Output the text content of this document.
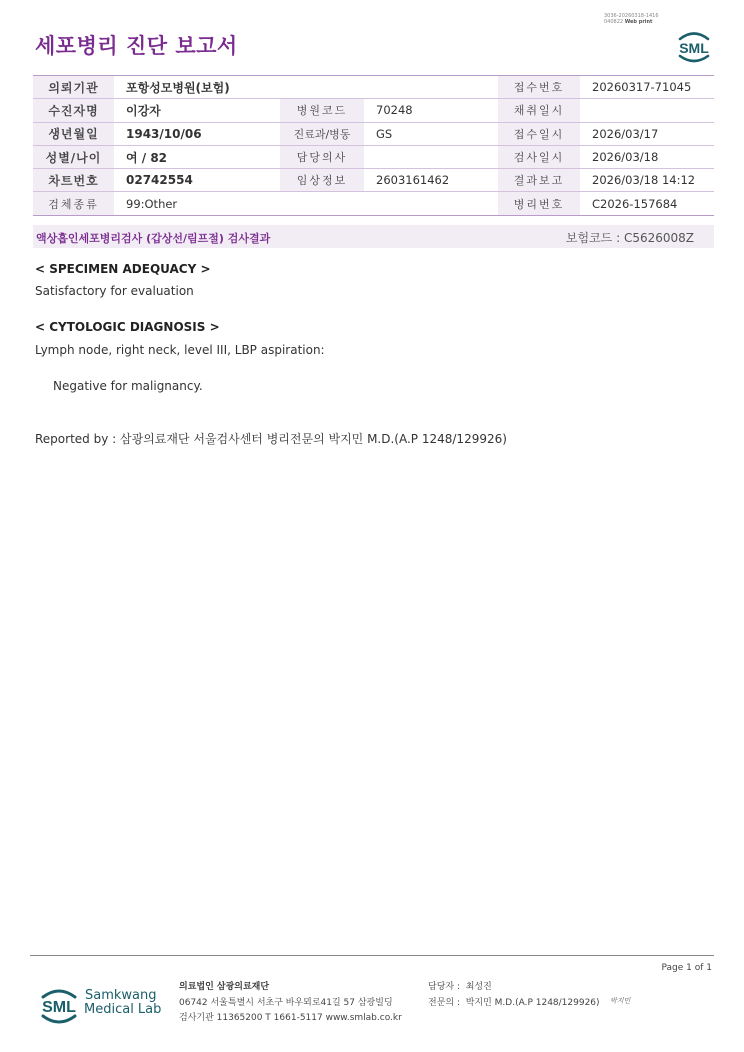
3036-20260318-1416
040822 Web print
세포병리 진단 보고서	SML
의뢰기관	포항성모병원(보험)			접수번호	20260317-71045
수진자명	이강자	병원코드	70248	채취일시	
생년월일	1943/10/06	진료과/병동	GS	접수일시	2026/03/17
성별/나이	여 / 82	담당의사		검사일시	2026/03/18
차트번호	02742554	임상정보	2603161462	결과보고	2026/03/18 14:12
검체종류	99:Other			병리번호	C2026-157684
액상흡인세포병리검사 (갑상선/림프절) 검사결과	보험코드 : C5626008Z
< SPECIMEN ADEQUACY >
Satisfactory for evaluation
< CYTOLOGIC DIAGNOSIS >
Lymph node, right neck, level III, LBP aspiration:
Negative for malignancy.
Reported by : 삼광의료재단 서울검사센터 병리전문의 박지민 M.D.(A.P 1248/129926)
Page 1 of 1
SML
Samkwang
Medical Lab
의료법인 삼광의료재단
06742 서울특별시 서초구 바우뫼로41길 57 삼광빌딩
검사기관 11365200 T 1661-5117 www.smlab.co.kr
담당자 : 최성진
전문의 : 박지민 M.D.(A.P 1248/129926) 박지민
